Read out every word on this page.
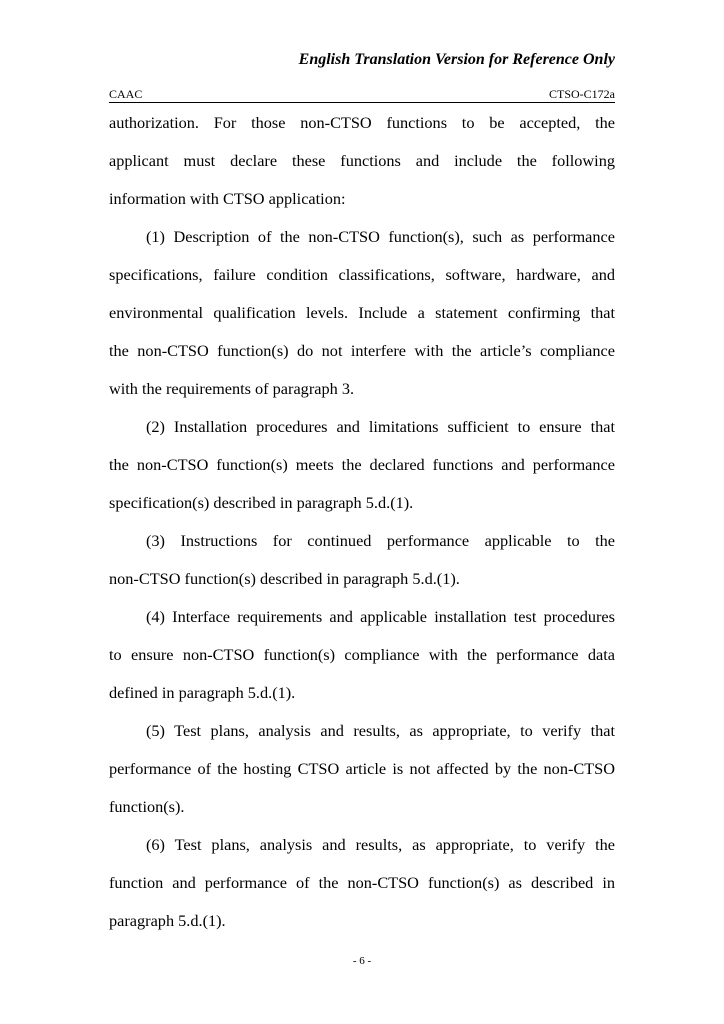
English Translation Version for Reference Only
CAAC	CTSO-C172a
authorization. For those non-CTSO functions to be accepted, the
applicant must declare these functions and include the following
information with CTSO application:
(1) Description of the non-CTSO function(s), such as performance
specifications, failure condition classifications, software, hardware, and
environmental qualification levels. Include a statement confirming that
the non-CTSO function(s) do not interfere with the article’s compliance
with the requirements of paragraph 3.
(2) Installation procedures and limitations sufficient to ensure that
the non-CTSO function(s) meets the declared functions and performance
specification(s) described in paragraph 5.d.(1).
(3) Instructions for continued performance applicable to the
non-CTSO function(s) described in paragraph 5.d.(1).
(4) Interface requirements and applicable installation test procedures
to ensure non-CTSO function(s) compliance with the performance data
defined in paragraph 5.d.(1).
(5) Test plans, analysis and results, as appropriate, to verify that
performance of the hosting CTSO article is not affected by the non-CTSO
function(s).
(6) Test plans, analysis and results, as appropriate, to verify the
function and performance of the non-CTSO function(s) as described in
paragraph 5.d.(1).
- 6 -
